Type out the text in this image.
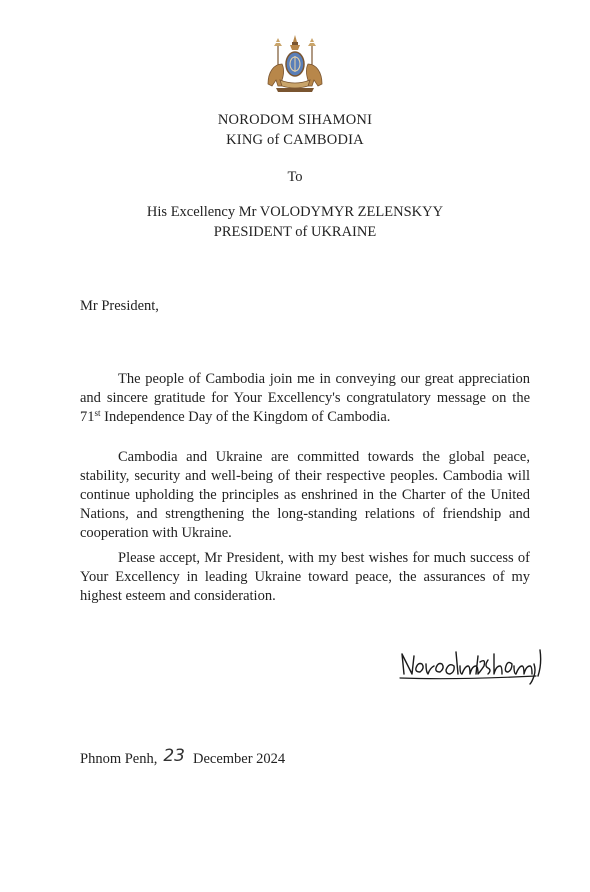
NORODOM SIHAMONI
KING of CAMBODIA
To
His Excellency Mr VOLODYMYR ZELENSKYY
PRESIDENT of UKRAINE
Mr President,

The people of Cambodia join me in conveying our great appreciation and sincere gratitude for Your Excellency's congratulatory message on the 71st Independence Day of the Kingdom of Cambodia.

Cambodia and Ukraine are committed towards the global peace, stability, security and well-being of their respective peoples. Cambodia will continue upholding the principles as enshrined in the Charter of the United Nations, and strengthening the long-standing relations of friendship and cooperation with Ukraine.

Please accept, Mr President, with my best wishes for much success of Your Excellency in leading Ukraine toward peace, the assurances of my highest esteem and consideration.

Phnom Penh, 23 December 2024
